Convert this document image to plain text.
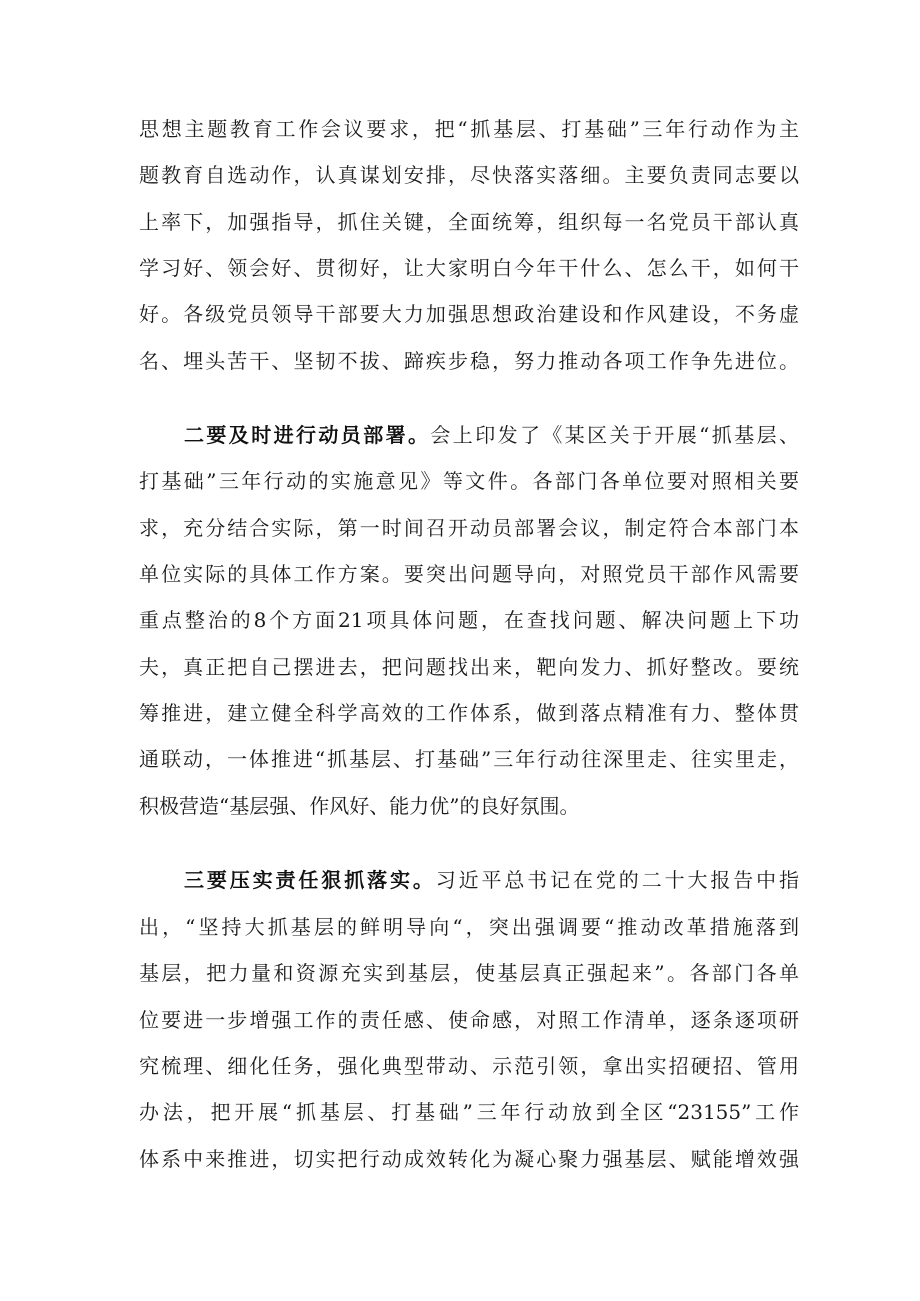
思想主题教育工作会议要求，把“抓基层、打基础”三年行动作为主
题教育自选动作，认真谋划安排，尽快落实落细。主要负责同志要以
上率下，加强指导，抓住关键，全面统筹，组织每一名党员干部认真
学习好、领会好、贯彻好，让大家明白今年干什么、怎么干，如何干
好。各级党员领导干部要大力加强思想政治建设和作风建设，不务虚
名、埋头苦干、坚韧不拔、蹄疾步稳，努力推动各项工作争先进位。
二要及时进行动员部署。会上印发了《某区关于开展“抓基层、
打基础”三年行动的实施意见》等文件。各部门各单位要对照相关要
求，充分结合实际，第一时间召开动员部署会议，制定符合本部门本
单位实际的具体工作方案。要突出问题导向，对照党员干部作风需要
重点整治的8个方面21项具体问题，在查找问题、解决问题上下功
夫，真正把自己摆进去，把问题找出来，靶向发力、抓好整改。要统
筹推进，建立健全科学高效的工作体系，做到落点精准有力、整体贯
通联动，一体推进“抓基层、打基础”三年行动往深里走、往实里走，
积极营造“基层强、作风好、能力优”的良好氛围。
三要压实责任狠抓落实。习近平总书记在党的二十大报告中指
出，“坚持大抓基层的鲜明导向“，突出强调要“推动改革措施落到
基层，把力量和资源充实到基层，使基层真正强起来”。各部门各单
位要进一步增强工作的责任感、使命感，对照工作清单，逐条逐项研
究梳理、细化任务，强化典型带动、示范引领，拿出实招硬招、管用
办法，把开展“抓基层、打基础”三年行动放到全区“23155”工作
体系中来推进，切实把行动成效转化为凝心聚力强基层、赋能增效强
